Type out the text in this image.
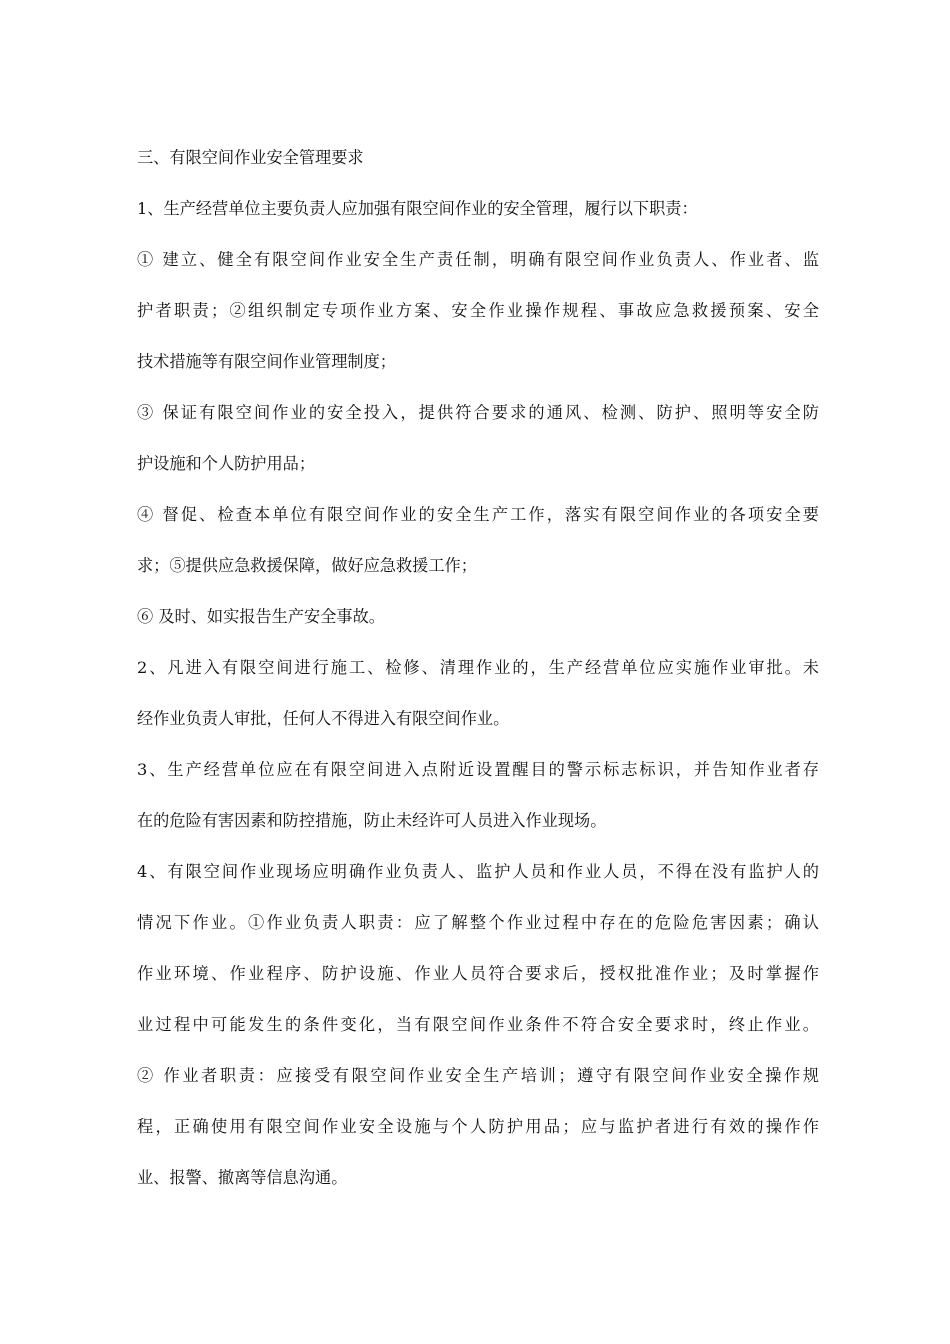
三、有限空间作业安全管理要求
1、生产经营单位主要负责人应加强有限空间作业的安全管理，履行以下职责：
① 建立、健全有限空间作业安全生产责任制，明确有限空间作业负责人、作业者、监
护者职责；②组织制定专项作业方案、安全作业操作规程、事故应急救援预案、安全
技术措施等有限空间作业管理制度；
③ 保证有限空间作业的安全投入，提供符合要求的通风、检测、防护、照明等安全防
护设施和个人防护用品；
④ 督促、检查本单位有限空间作业的安全生产工作，落实有限空间作业的各项安全要
求；⑤提供应急救援保障，做好应急救援工作；
⑥ 及时、如实报告生产安全事故。
2、凡进入有限空间进行施工、检修、清理作业的，生产经营单位应实施作业审批。未
经作业负责人审批，任何人不得进入有限空间作业。
3、生产经营单位应在有限空间进入点附近设置醒目的警示标志标识，并告知作业者存
在的危险有害因素和防控措施，防止未经许可人员进入作业现场。
4、有限空间作业现场应明确作业负责人、监护人员和作业人员，不得在没有监护人的
情况下作业。①作业负责人职责：应了解整个作业过程中存在的危险危害因素；确认
作业环境、作业程序、防护设施、作业人员符合要求后，授权批准作业；及时掌握作
业过程中可能发生的条件变化，当有限空间作业条件不符合安全要求时，终止作业。
② 作业者职责：应接受有限空间作业安全生产培训；遵守有限空间作业安全操作规
程，正确使用有限空间作业安全设施与个人防护用品；应与监护者进行有效的操作作
业、报警、撤离等信息沟通。
